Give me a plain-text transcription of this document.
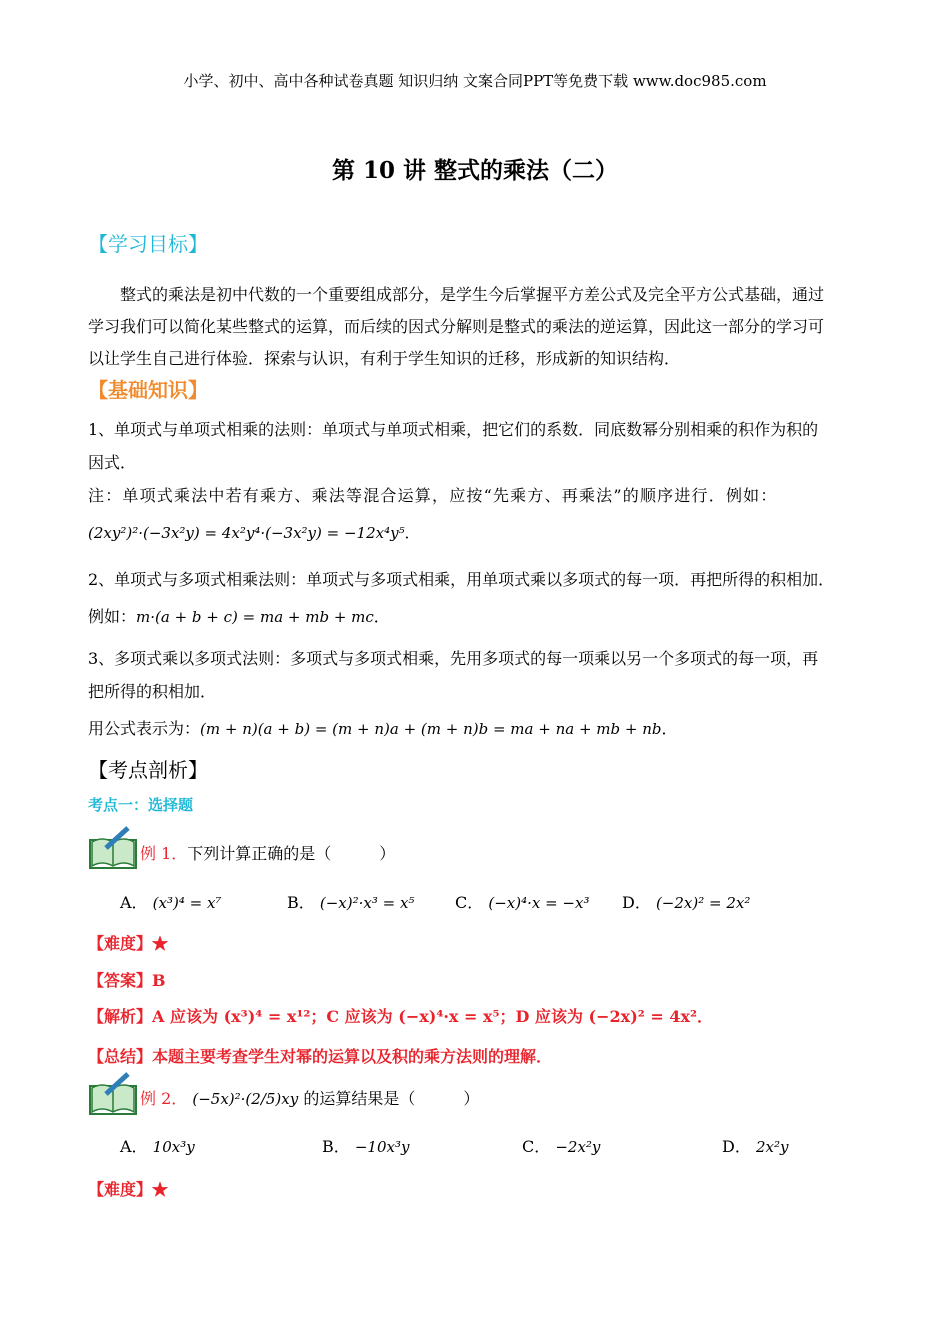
小学、初中、高中各种试卷真题 知识归纳 文案合同PPT等免费下载 www.doc985.com
第 10 讲 整式的乘法（二）
【学习目标】
整式的乘法是初中代数的一个重要组成部分，是学生今后掌握平方差公式及完全平方公式基础，通过
学习我们可以简化某些整式的运算，而后续的因式分解则是整式的乘法的逆运算，因此这一部分的学习可
以让学生自己进行体验．探索与认识，有利于学生知识的迁移，形成新的知识结构．
【基础知识】
1、单项式与单项式相乘的法则：单项式与单项式相乘，把它们的系数．同底数幂分别相乘的积作为积的
因式．
注：单项式乘法中若有乘方、乘法等混合运算，应按“先乘方、再乘法”的顺序进行．例如：
(2xy²)²·(−3x²y) = 4x²y⁴·(−3x²y) = −12x⁴y⁵．
2、单项式与多项式相乘法则：单项式与多项式相乘，用单项式乘以多项式的每一项．再把所得的积相加．
例如：m·(a + b + c) = ma + mb + mc．
3、多项式乘以多项式法则：多项式与多项式相乘，先用多项式的每一项乘以另一个多项式的每一项，再
把所得的积相加．
用公式表示为：(m + n)(a + b) = (m + n)a + (m + n)b = ma + na + mb + nb．
【考点剖析】
考点一：选择题
例 1．下列计算正确的是（　　　）
A． (x³)⁴ = x⁷	B． (−x)²·x³ = x⁵	C． (−x)⁴·x = −x³ D． (−2x)² = 2x²
【难度】★
【答案】B
【解析】A 应该为 (x³)⁴ = x¹²；C 应该为 (−x)⁴·x = x⁵；D 应该为 (−2x)² = 4x²．
【总结】本题主要考查学生对幂的运算以及积的乘方法则的理解．
例 2． (−5x)²·(2/5)xy 的运算结果是（　　　）
A． 10x³y	B． −10x³y	C． −2x²y	D． 2x²y
【难度】★
